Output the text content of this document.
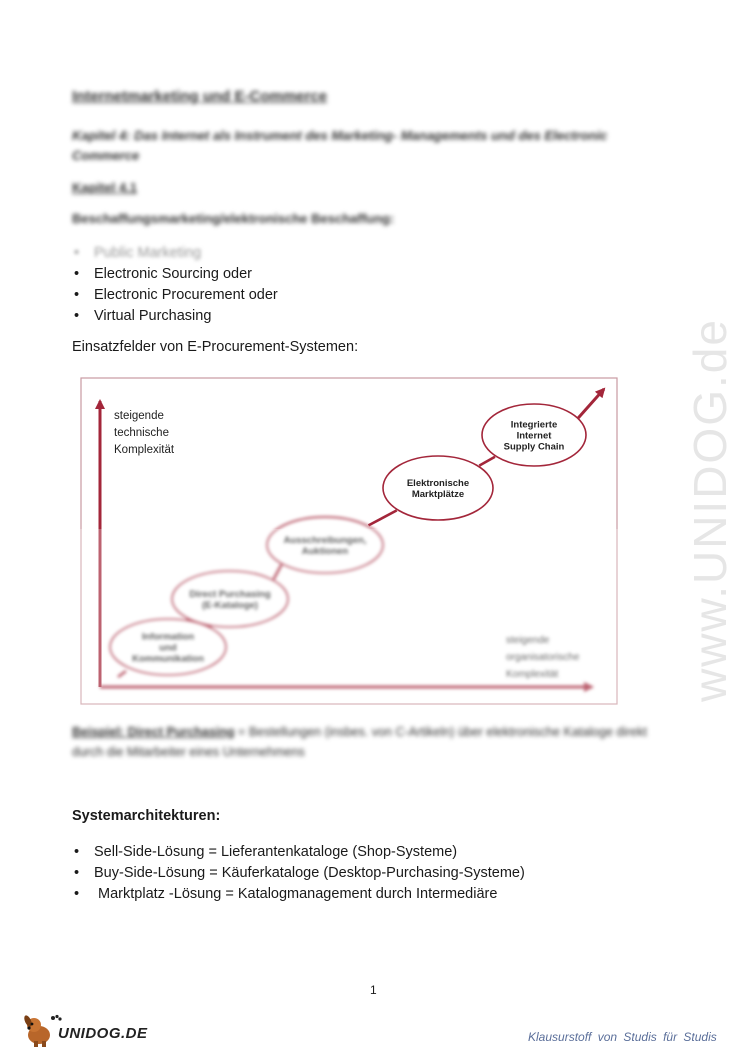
Internetmarketing und E-Commerce
Kapitel 4: Das Internet als Instrument des Marketing- Managements und des Electronic Commerce
Kapitel 4.1
Beschaffungsmarketing/elektronische Beschaffung:
• Public Marketing
• Electronic Sourcing oder
• Electronic Procurement oder
• Virtual Purchasing
Einsatzfelder von E-Procurement-Systemen:
Elektronische
Marktplätze
Integrierte
Internet
Supply Chain
steigende
technische
Komplexität
Information
und
Kommunikation
Direct Purchasing
(E-Kataloge)
Ausschreibungen,
Auktionen
steigende
organisatorische
Komplexität
Beispiel: Direct Purchasing = Bestellungen (insbes. von C-Artikeln) über elektronische Kataloge direkt durch die Mitarbeiter eines Unternehmens
Systemarchitekturen:
• Sell-Side-Lösung = Lieferantenkataloge (Shop-Systeme)
• Buy-Side-Lösung = Käuferkataloge (Desktop-Purchasing-Systeme)
• Marktplatz -Lösung = Katalogmanagement durch Intermediäre
1
www.UNIDOG.de
UNIDOG.DE	Klausurstoff von Studis für Studis
